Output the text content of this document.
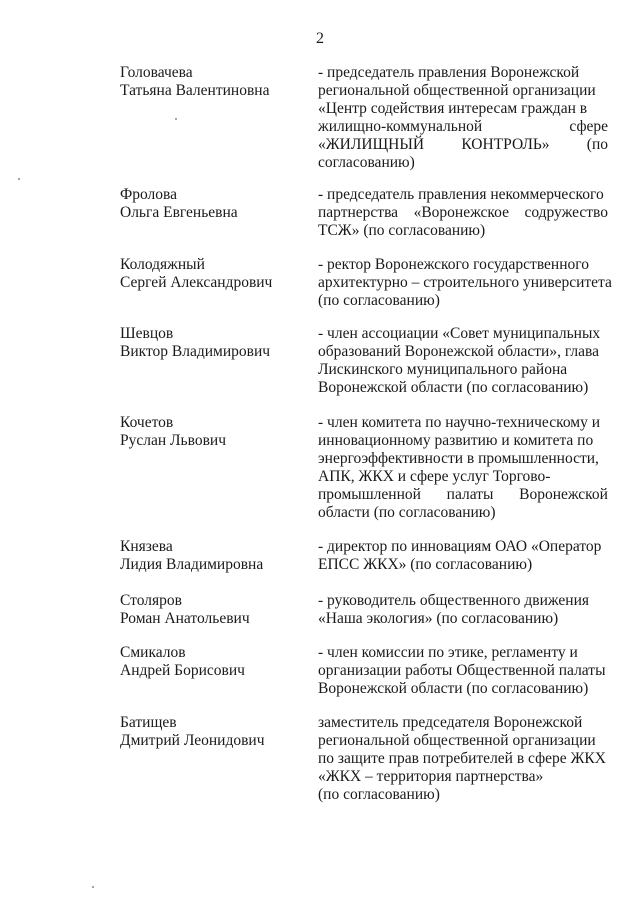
2
Головачева
Татьяна Валентиновна
- председатель правления Воронежской
региональной общественной организации
«Центр содействия интересам граждан в
жилищно-коммунальной	сфере
«ЖИЛИЩНЫЙ КОНТРОЛЬ» (по
согласованию)
Фролова
Ольга Евгеньевна
- председатель правления некоммерческого
партнерства «Воронежское содружество
ТСЖ» (по согласованию)
Колодяжный
Сергей Александрович
- ректор Воронежского государственного
архитектурно – строительного университета
(по согласованию)
Шевцов
Виктор Владимирович
- член ассоциации «Совет муниципальных
образований Воронежской области», глава
Лискинского муниципального района
Воронежской области (по согласованию)
Кочетов
Руслан Львович
- член комитета по научно-техническому и
инновационному развитию и комитета по
энергоэффективности в промышленности,
АПК, ЖКХ и сфере услуг Торгово-
промышленной палаты Воронежской
области (по согласованию)
Князева
Лидия Владимировна
- директор по инновациям ОАО «Оператор
ЕПСС ЖКХ» (по согласованию)
Столяров
Роман Анатольевич
- руководитель общественного движения
«Наша экология» (по согласованию)
Смикалов
Андрей Борисович
- член комиссии по этике, регламенту и
организации работы Общественной палаты
Воронежской области (по согласованию)
Батищев
Дмитрий Леонидович
заместитель председателя Воронежской
региональной общественной организации
по защите прав потребителей в сфере ЖКХ
«ЖКХ – территория партнерства»
(по согласованию)
